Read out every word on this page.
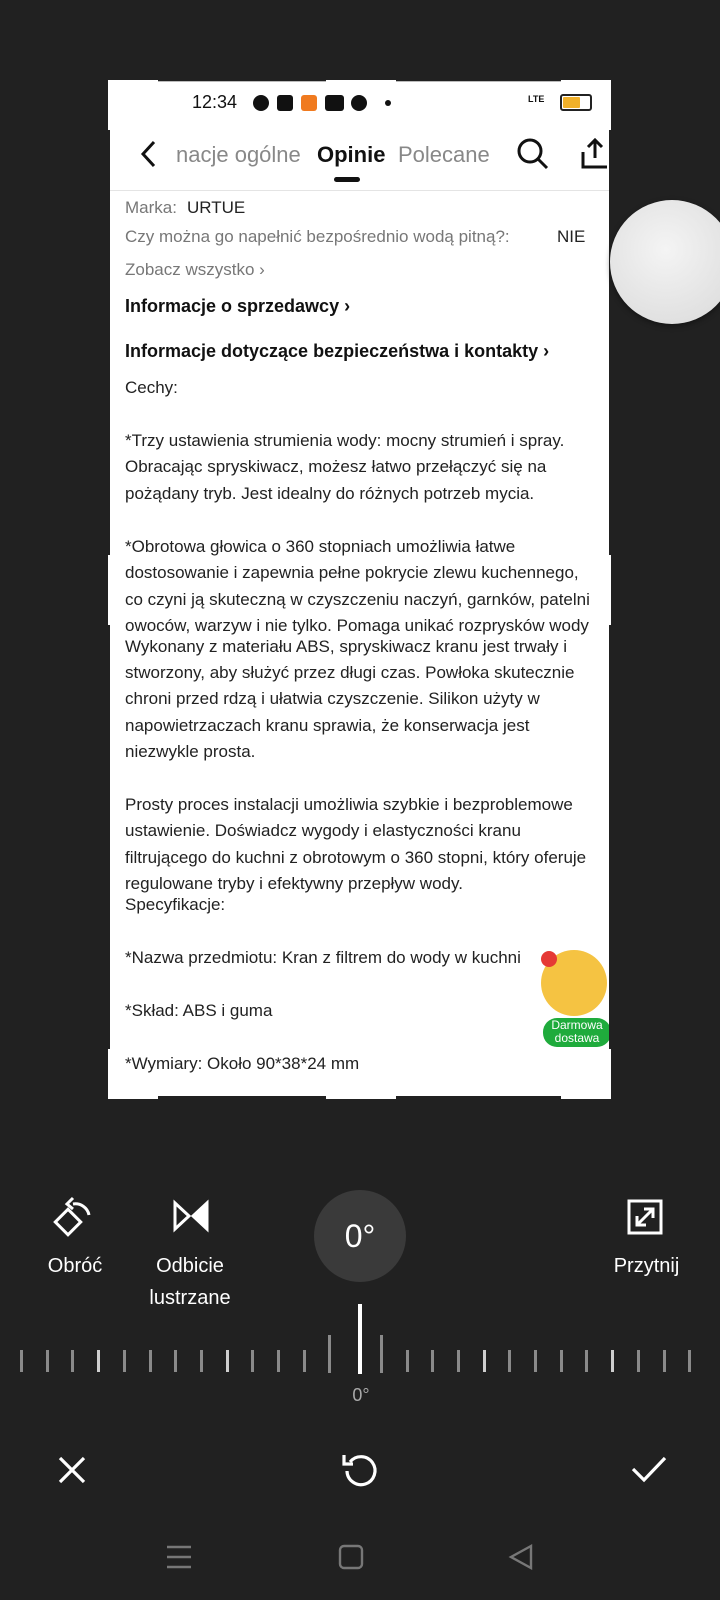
12:34	LTE
nacje ogólne Opinie Polecane
Marka: URTUE
Czy można go napełnić bezpośrednio wodą pitną?:	NIE
Zobacz wszystko ›
Informacje o sprzedawcy ›
Informacje dotyczące bezpieczeństwa i kontakty ›
Cechy:
*Trzy ustawienia strumienia wody: mocny strumień i spray.
Obracając spryskiwacz, możesz łatwo przełączyć się na
pożądany tryb. Jest idealny do różnych potrzeb mycia.
*Obrotowa głowica o 360 stopniach umożliwia łatwe
dostosowanie i zapewnia pełne pokrycie zlewu kuchennego,
co czyni ją skuteczną w czyszczeniu naczyń, garnków, patelni
owoców, warzyw i nie tylko. Pomaga unikać rozprysków wody
Wykonany z materiału ABS, spryskiwacz kranu jest trwały i
stworzony, aby służyć przez długi czas. Powłoka skutecznie
chroni przed rdzą i ułatwia czyszczenie. Silikon użyty w
napowietrzaczach kranu sprawia, że konserwacja jest
niezwykle prosta.
Prosty proces instalacji umożliwia szybkie i bezproblemowe
ustawienie. Doświadcz wygody i elastyczności kranu
filtrującego do kuchni z obrotowym o 360 stopni, który oferuje
regulowane tryby i efektywny przepływ wody.
Specyfikacje:
*Nazwa przedmiotu: Kran z filtrem do wody w kuchni
*Skład: ABS i guma
*Wymiary: Około 90*38*24 mm
Darmowa dostawa
Obróć	Odbicie
lustrzane
0°
Przytnij
0°
